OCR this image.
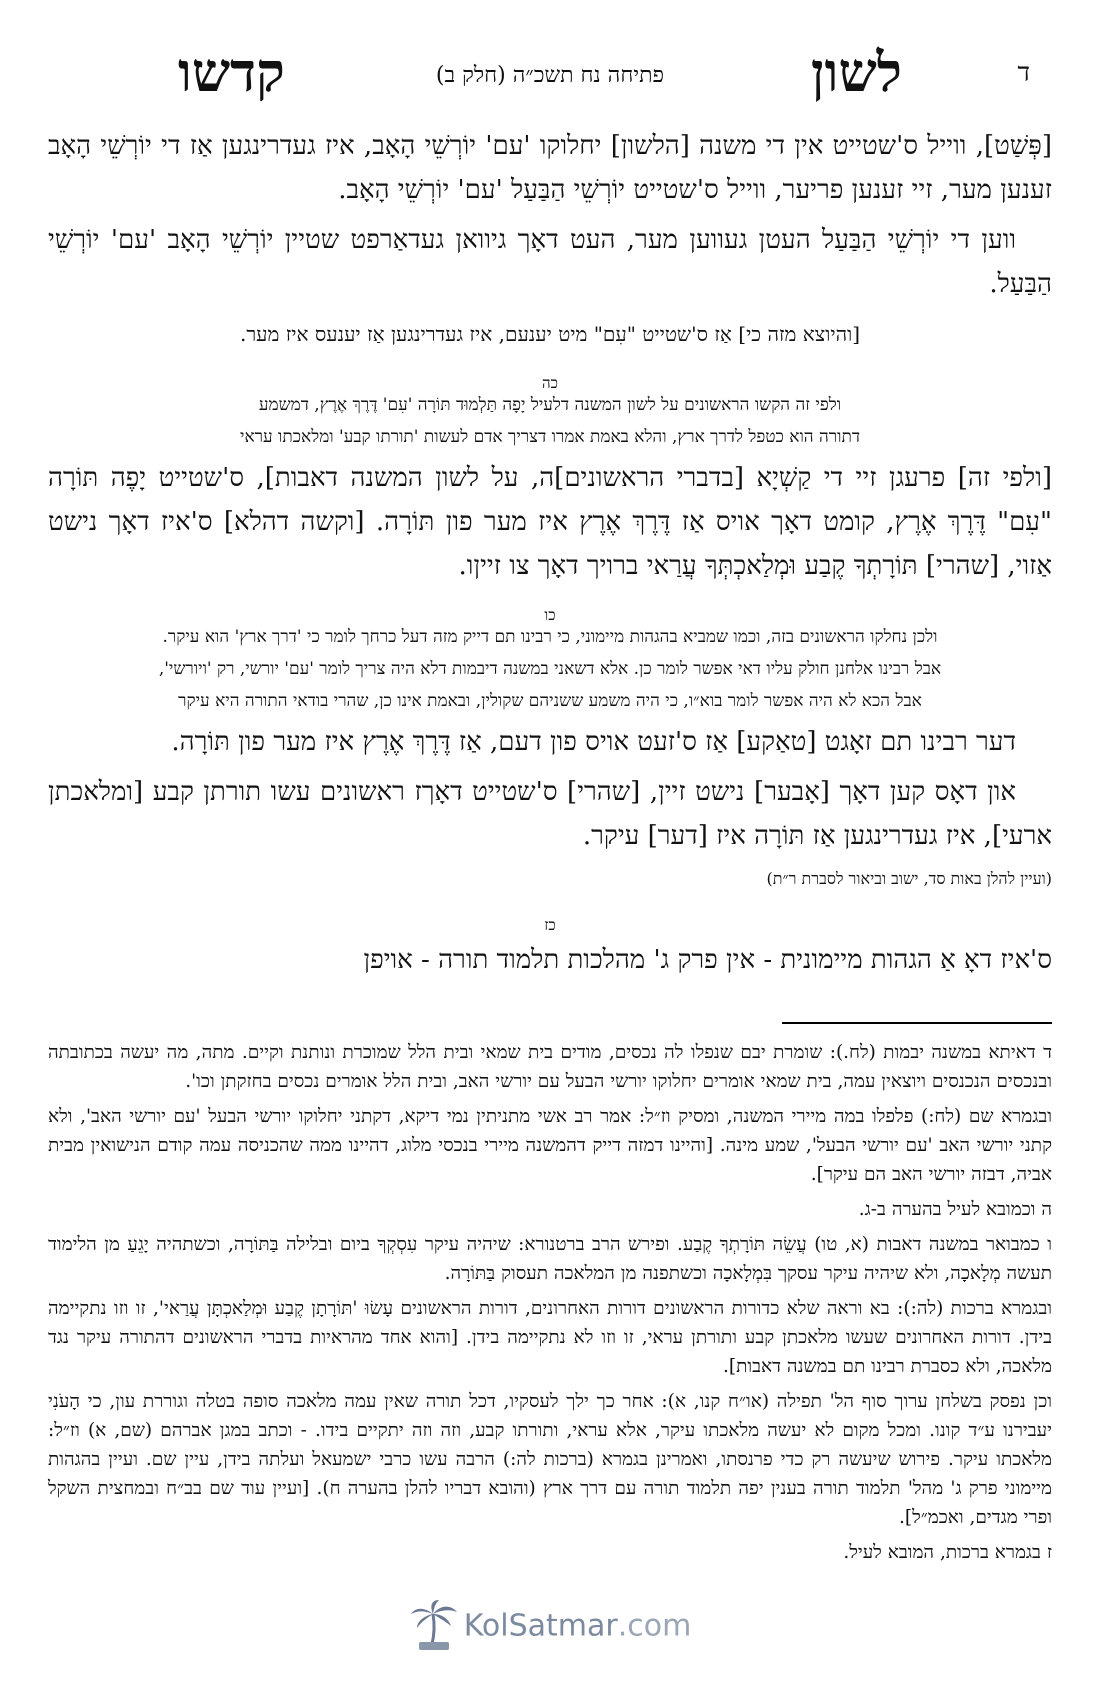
ד
לשון
פתיחה נח תשכ״ה (חלק ב)
קדשו

[פְּשַׁט], ווייל ס'שטייט אין די משנה [הלשון] יחלוקו 'עם' יוֹרְשֵׁי הָאָב, איז געדרינגען אַז די יוֹרְשֵׁי הָאָב זענען מער, זיי זענען פריער, ווייל ס'שטייט יוֹרְשֵׁי הַבַּעַל 'עם' יוֹרְשֵׁי הָאָב.

ווען די יוֹרְשֵׁי הַבַּעַל העטן געווען מער, העט דאָך גיוואן געדאַרפט שטיין יוֹרְשֵׁי הָאָב 'עם' יוֹרְשֵׁי הַבַּעַל.

[והיוצא מזה כי] אַז ס'שטייט "עִם" מיט יענעם, איז געדרינגען אַז יענעס איז מער.

כה

ולפי זה הקשו הראשונים על לשון המשנה דלעיל יָפָה תַּלְמוּד תּוֹרָה 'עִם' דֶּרֶךְ אֶרֶץ, דמשמע

דתורה הוא כטפל לדרך ארץ, והלא באמת אמרו דצריך אדם לעשות 'תורתו קבע' ומלאכתו עראי

[ולפי זה] פרעגן זיי די קַשְׁיָא [בדברי הראשונים]ה, על לשון המשנה דאבות], ס'שטייט יָפֶה תּוֹרָה "עִם" דֶּרֶךְ אֶרֶץ, קומט דאָך אויס אַז דֶּרֶךְ אֶרֶץ איז מער פון תּוֹרָה. [וקשה דהלא] ס'איז דאָך נישט אַזוי, [שהרי] תּוֹרָתְךָ קֶבַע וּמְלַאכְתְּךָ עֲרַאי ברויך דאָך צו זייןו.

כו

ולכן נחלקו הראשונים בזה, וכמו שמביא בהגהות מיימוני, כי רבינו תם דייק מזה דעל כרחך לומר כי 'דרך ארץ' הוא עיקר.

אבל רבינו אלחנן חולק עליו דאי אפשר לומר כן. אלא דשאני במשנה דיבמות דלא היה צריך לומר 'עם' יורשי, רק 'ויורשי',

אבל הכא לא היה אפשר לומר בוא״ו, כי היה משמע ששניהם שקולין, ובאמת אינו כן, שהרי בודאי התורה היא עיקר

דער רבינו תם זאָגט [טאַקע] אַז ס'זעט אויס פון דעם, אַז דֶּרֶךְ אֶרֶץ איז מער פון תּוֹרָה.

און דאָס קען דאָך [אָבער] נישט זיין, [שהרי] ס'שטייט דאָךז ראשונים עשו תורתן קבע [ומלאכתן ארעי], איז געדרינגען אַז תּוֹרָה איז [דער] עיקר.

(ועיין להלן באות סד, ישוב וביאור לסברת ר״ת)

כז

ס'איז דאָ אַ הגהות מיימונית - אין פרק ג' מהלכות תלמוד תורה - אויפן

ד דאיתא במשנה יבמות (לח.): שומרת יבם שנפלו לה נכסים, מודים בית שמאי ובית הלל שמוכרת ונותנת וקיים. מתה, מה יעשה בכתובתה ובנכסים הנכנסים ויוצאין עמה, בית שמאי אומרים יחלוקו יורשי הבעל עם יורשי האב, ובית הלל אומרים נכסים בחזקתן וכו'.

ובגמרא שם (לח:) פלפלו במה מיירי המשנה, ומסיק וז״ל: אמר רב אשי מתניתין נמי דיקא, דקתני יחלוקו יורשי הבעל 'עם יורשי האב', ולא קתני יורשי האב 'עם יורשי הבעל', שמע מינה. [והיינו דמזה דייק דהמשנה מיירי בנכסי מלוג, דהיינו ממה שהכניסה עמה קודם הנישואין מבית אביה, דבזה יורשי האב הם עיקר].

ה וכמובא לעיל בהערה ב-ג.

ו כמבואר במשנה דאבות (א, טו) עֲשֵׂה תּוֹרָתְךָ קֶבַע. ופירש הרב ברטנורא: שיהיה עיקר עִסְקְךָ ביום ובלילה בַּתּוֹרָה, וכשתהיה יָגֵעַ מן הלימוד תעשה מְלָאכָה, ולא שיהיה עיקר עסקך בִּמְלָאכָה וכשתפנה מן המלאכה תעסוק בַּתּוֹרָה.

ובגמרא ברכות (לה:): בא וראה שלא כדורות הראשונים דורות האחרונים, דורות הראשונים עָשׂוּ 'תּוֹרָתָן קֶבַע וּמְלַאכְתָּן עֲרַאי', זו וזו נתקיימה בידן. דורות האחרונים שעשו מלאכתן קבע ותורתן עראי, זו וזו לא נתקיימה בידן. [והוא אחד מהראיות בדברי הראשונים דהתורה עיקר נגד מלאכה, ולא כסברת רבינו תם במשנה דאבות].

וכן נפסק בשלחן ערוך סוף הל' תפילה (או״ח קנו, א): אחר כך ילך לעסקיו, דכל תורה שאין עמה מלאכה סופה בטלה וגוררת עון, כי הָעֹנִי יעבירנו ע״ד קונו. ומכל מקום לא יעשה מלאכתו עיקר, אלא עראי, ותורתו קבע, וזה וזה יתקיים בידו. - וכתב במגן אברהם (שם, א) וז״ל: מלאכתו עיקר. פירוש שיעשה רק כדי פרנסתו, ואמרינן בגמרא (ברכות לה:) הרבה עשו כרבי ישמעאל ועלתה בידן, עיין שם. ועיין בהגהות מיימוני פרק ג' מהל' תלמוד תורה בענין יפה תלמוד תורה עם דרך ארץ (והובא דבריו להלן בהערה ח). [ועיין עוד שם בב״ח ובמחצית השקל ופרי מגדים, ואכמ״ל].

ז בגמרא ברכות, המובא לעיל.

KolSatmar.com
